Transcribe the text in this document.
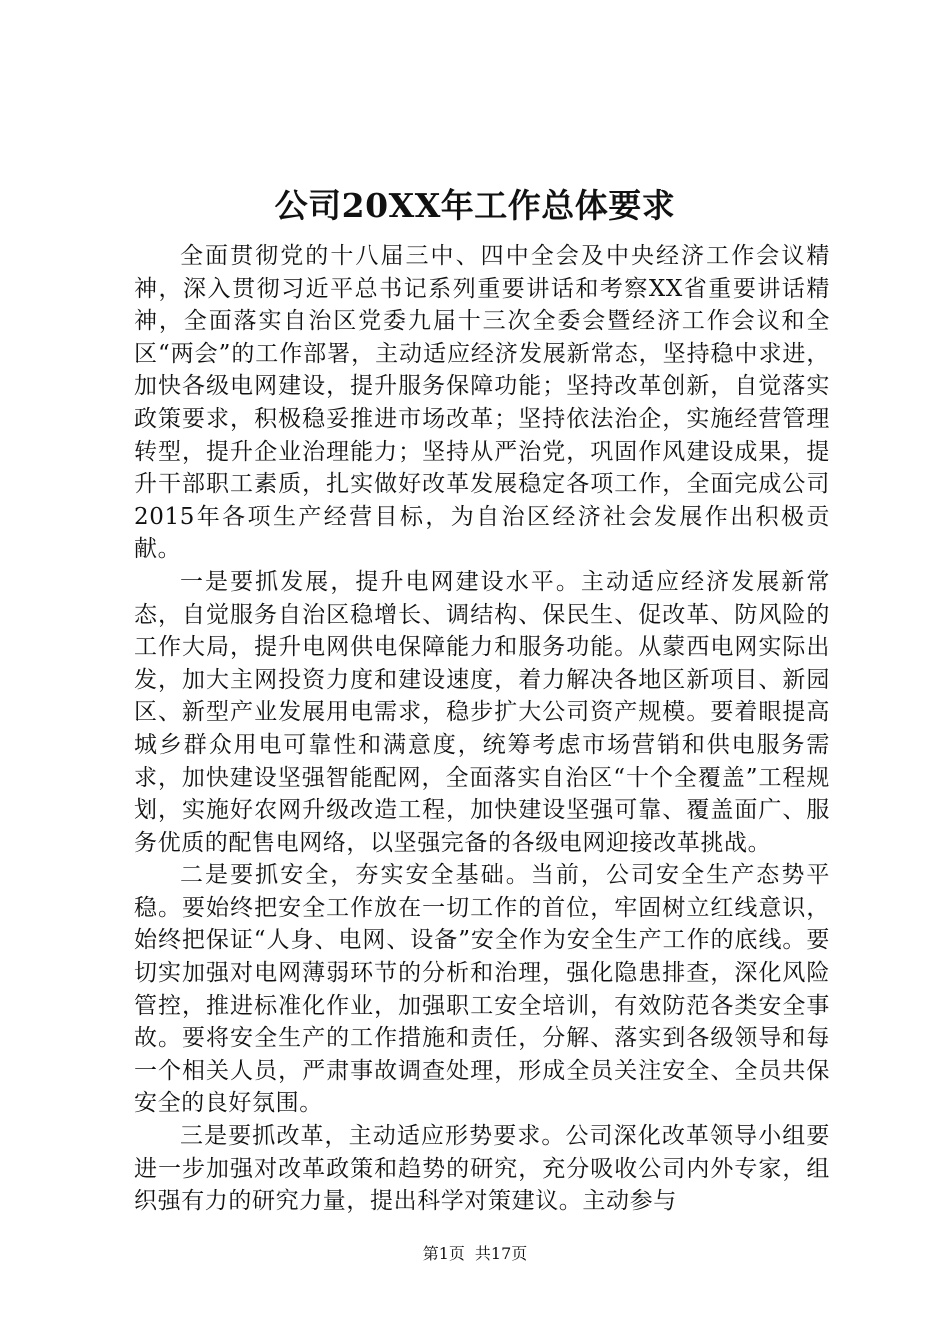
公司20XX年工作总体要求

全面贯彻党的十八届三中、四中全会及中央经济工作会议精神，深入贯彻习近平总书记系列重要讲话和考察XX省重要讲话精神，全面落实自治区党委九届十三次全委会暨经济工作会议和全区“两会”的工作部署，主动适应经济发展新常态，坚持稳中求进，加快各级电网建设，提升服务保障功能；坚持改革创新，自觉落实政策要求，积极稳妥推进市场改革；坚持依法治企，实施经营管理转型，提升企业治理能力；坚持从严治党，巩固作风建设成果，提升干部职工素质，扎实做好改革发展稳定各项工作，全面完成公司2015年各项生产经营目标，为自治区经济社会发展作出积极贡献。

一是要抓发展，提升电网建设水平。主动适应经济发展新常态，自觉服务自治区稳增长、调结构、保民生、促改革、防风险的工作大局，提升电网供电保障能力和服务功能。从蒙西电网实际出发，加大主网投资力度和建设速度，着力解决各地区新项目、新园区、新型产业发展用电需求，稳步扩大公司资产规模。要着眼提高城乡群众用电可靠性和满意度，统筹考虑市场营销和供电服务需求，加快建设坚强智能配网，全面落实自治区“十个全覆盖”工程规划，实施好农网升级改造工程，加快建设坚强可靠、覆盖面广、服务优质的配售电网络，以坚强完备的各级电网迎接改革挑战。

二是要抓安全，夯实安全基础。当前，公司安全生产态势平稳。要始终把安全工作放在一切工作的首位，牢固树立红线意识，始终把保证“人身、电网、设备”安全作为安全生产工作的底线。要切实加强对电网薄弱环节的分析和治理，强化隐患排查，深化风险管控，推进标准化作业，加强职工安全培训，有效防范各类安全事故。要将安全生产的工作措施和责任，分解、落实到各级领导和每一个相关人员，严肃事故调查处理，形成全员关注安全、全员共保安全的良好氛围。

三是要抓改革，主动适应形势要求。公司深化改革领导小组要进一步加强对改革政策和趋势的研究，充分吸收公司内外专家，组织强有力的研究力量，提出科学对策建议。主动参与

第1页 共17页
